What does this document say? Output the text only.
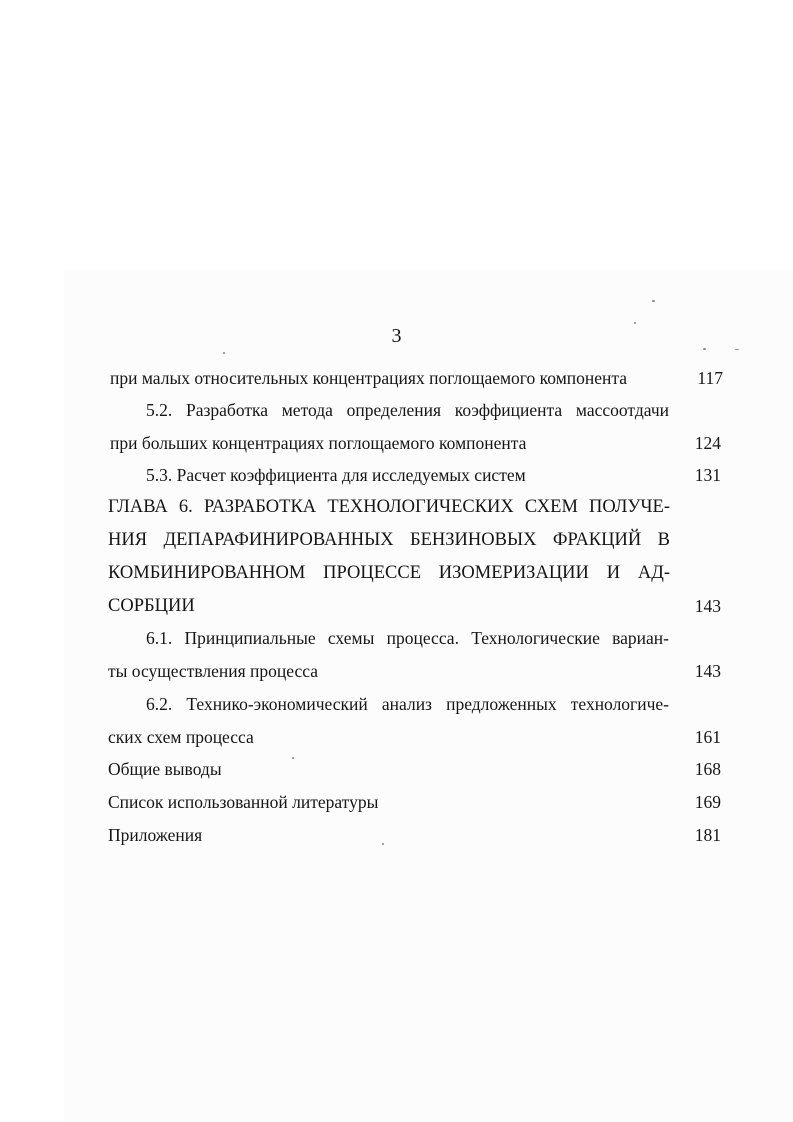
3
при малых относительных концентрациях поглощаемого компонента	117
5.2. Разработка метода определения коэффициента массоотдачи
при больших концентрациях поглощаемого компонента	124
5.3. Расчет коэффициента для исследуемых систем	131
ГЛАВА 6. РАЗРАБОТКА ТЕХНОЛОГИЧЕСКИХ СХЕМ ПОЛУЧЕ-
НИЯ ДЕПАРАФИНИРОВАННЫХ БЕНЗИНОВЫХ ФРАКЦИЙ В
КОМБИНИРОВАННОМ ПРОЦЕССЕ ИЗОМЕРИЗАЦИИ И АД-
СОРБЦИИ	143
6.1. Принципиальные схемы процесса. Технологические вариан-
ты осуществления процесса	143
6.2. Технико-экономический анализ предложенных технологиче-
ских схем процесса	161
Общие выводы	168
Список использованной литературы	169
Приложения	181
